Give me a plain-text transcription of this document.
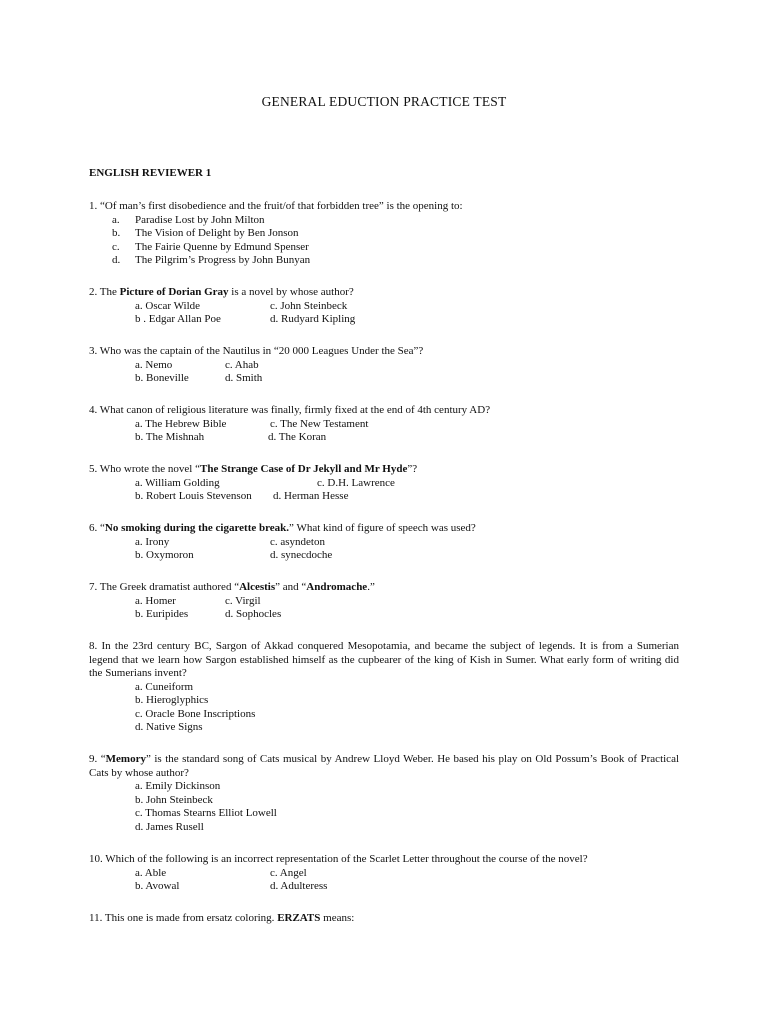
GENERAL EDUCTION PRACTICE TEST
ENGLISH REVIEWER 1
1. “Of man’s first disobedience and the fruit/of that forbidden tree” is the opening to:
a.	Paradise Lost by John Milton
b.	The Vision of Delight by Ben Jonson
c.	The Fairie Quenne by Edmund Spenser
d.	The Pilgrim’s Progress by John Bunyan
2. The Picture of Dorian Gray is a novel by whose author?
a. Oscar Wilde	c. John Steinbeck
b . Edgar Allan Poe	d. Rudyard Kipling
3. Who was the captain of the Nautilus in “20 000 Leagues Under the Sea”?
a. Nemo	c. Ahab
b. Boneville	d. Smith
4. What canon of religious literature was finally, firmly fixed at the end of 4th century AD?
a. The Hebrew Bible	c. The New Testament
b. The Mishnah	d. The Koran
5. Who wrote the novel “The Strange Case of Dr Jekyll and Mr Hyde”?
a. William Golding	c. D.H. Lawrence
b. Robert Louis Stevenson	d. Herman Hesse
6. “No smoking during the cigarette break.” What kind of figure of speech was used?
a. Irony	c. asyndeton
b. Oxymoron	d. synecdoche
7. The Greek dramatist authored “Alcestis” and “Andromache.”
a. Homer	c. Virgil
b. Euripides	d. Sophocles
8. In the 23rd century BC, Sargon of Akkad conquered Mesopotamia, and became the subject of legends. It is from a Sumerian legend that we learn how Sargon established himself as the cupbearer of the king of Kish in Sumer. What early form of writing did the Sumerians invent?
a. Cuneiform
b. Hieroglyphics
c. Oracle Bone Inscriptions
d. Native Signs
9. “Memory” is the standard song of Cats musical by Andrew Lloyd Weber. He based his play on Old Possum’s Book of Practical Cats by whose author?
a. Emily Dickinson
b. John Steinbeck
c. Thomas Stearns Elliot Lowell
d. James Rusell
10. Which of the following is an incorrect representation of the Scarlet Letter throughout the course of the novel?
a. Able	c. Angel
b. Avowal	d. Adulteress
11. This one is made from ersatz coloring. ERZATS means:
